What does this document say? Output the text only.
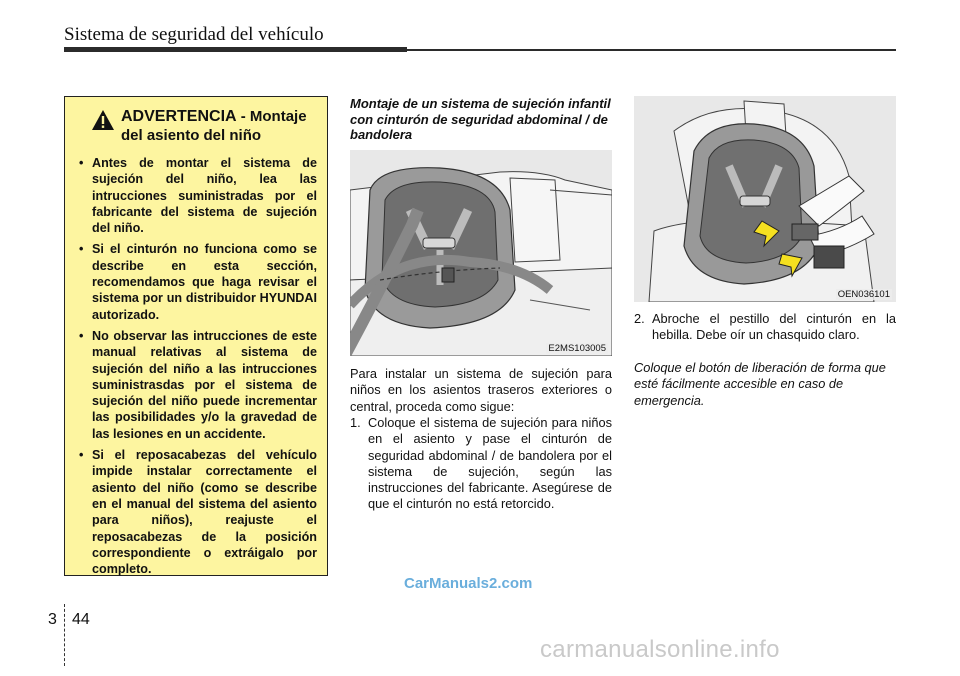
Sistema de seguridad del vehículo
ADVERTENCIA - Montaje del asiento del niño
• Antes de montar el sistema de sujeción del niño, lea las intrucciones suministradas por el fabricante del sistema de sujeción del niño.
• Si el cinturón no funciona como se describe en esta sección, recomendamos que haga revisar el sistema por un distribuidor HYUNDAI autorizado.
• No observar las intrucciones de este manual relativas al sistema de sujeción del niño a las intrucciones suministrasdas por el sistema de sujeción del niño puede incrementar las posibilidades y/o la gravedad de las lesiones en un accidente.
• Si el reposacabezas del vehículo impide instalar correctamente el asiento del niño (como se describe en el manual del sistema del asiento para niños), reajuste el reposacabezas de la posición correspondiente o extráigalo por completo.
Montaje de un sistema de sujeción infantil con cinturón de seguridad abdominal / de bandolera
E2MS103005
Para instalar un sistema de sujeción para niños en los asientos traseros exteriores o central, proceda como sigue:
1. Coloque el sistema de sujeción para niños en el asiento y pase el cinturón de seguridad abdominal / de bandolera por el sistema de sujeción, según las instrucciones del fabricante. Asegúrese de que el cinturón no está retorcido.
OEN036101
2. Abroche el pestillo del cinturón en la hebilla. Debe oír un chasquido claro.
Coloque el botón de liberación de forma que esté fácilmente accesible en caso de emergencia.
CarManuals2.com
3 44
carmanualsonline.info
